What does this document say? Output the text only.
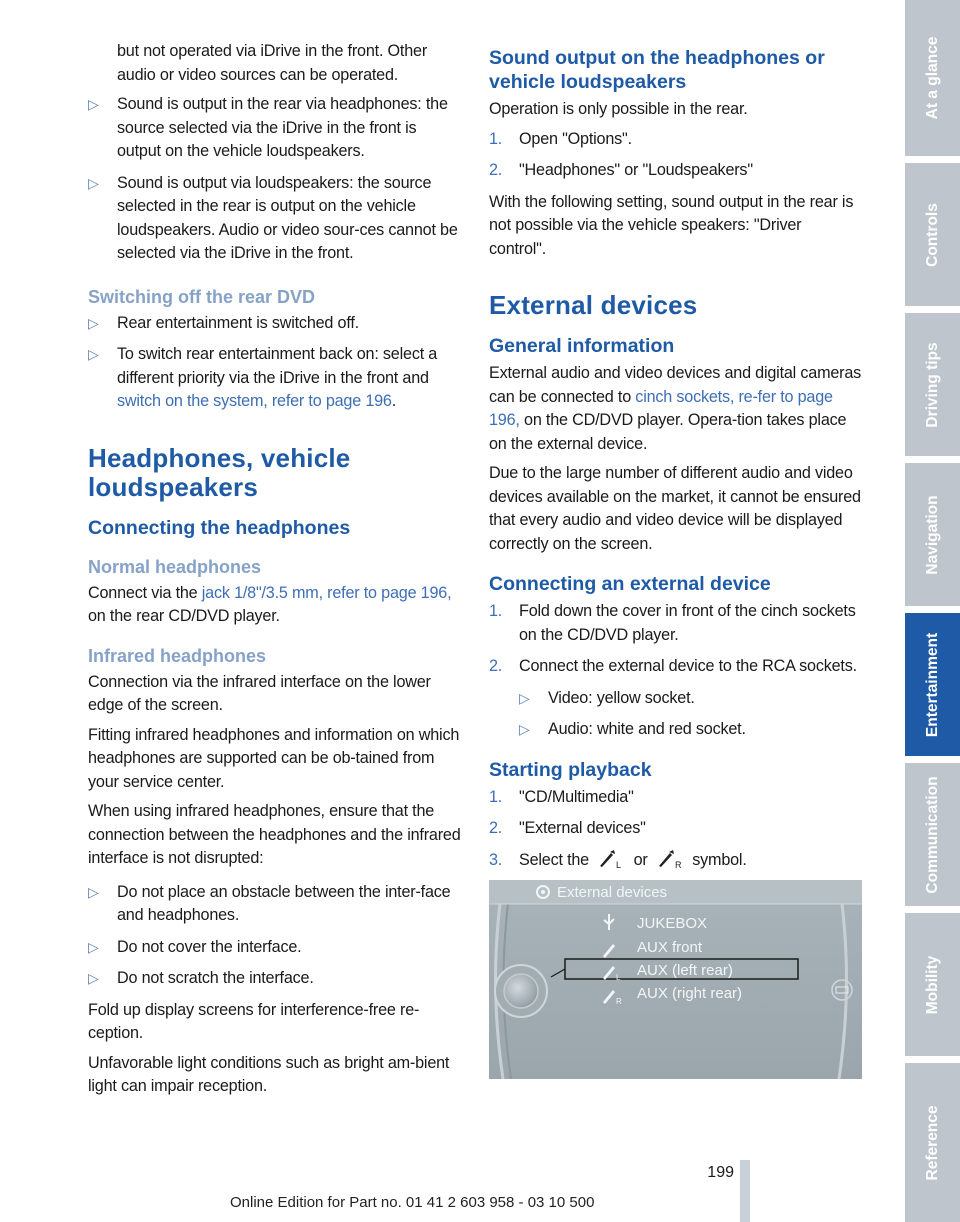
but not operated via iDrive in the front. Other audio or video sources can be operated.

▷	Sound is output in the rear via headphones: the source selected via the iDrive in the front is output on the vehicle loudspeakers.
▷	Sound is output via loudspeakers: the source selected in the rear is output on the vehicle loudspeakers. Audio or video sour-ces cannot be selected via the iDrive in the front.
Switching off the rear DVD
▷	Rear entertainment is switched off.
▷	To switch rear entertainment back on: select a different priority via the iDrive in the front and switch on the system, refer to page 196.
Headphones, vehicle loudspeakers
Connecting the headphones
Normal headphones

Connect via the jack 1/8"/3.5 mm, refer to page 196, on the rear CD/DVD player.

Infrared headphones

Connection via the infrared interface on the lower edge of the screen.

Fitting infrared headphones and information on which headphones are supported can be ob-tained from your service center.

When using infrared headphones, ensure that the connection between the headphones and the infrared interface is not disrupted:

▷	Do not place an obstacle between the inter-face and headphones.
▷	Do not cover the interface.
▷	Do not scratch the interface.

Fold up display screens for interference-free re-ception.

Unfavorable light conditions such as bright am-bient light can impair reception.

Sound output on the headphones or vehicle loudspeakers

Operation is only possible in the rear.

1.	Open "Options".
2.	"Headphones" or "Loudspeakers"

With the following setting, sound output in the rear is not possible via the vehicle speakers: "Driver control".

External devices
General information

External audio and video devices and digital cameras can be connected to cinch sockets, re-fer to page 196, on the CD/DVD player. Opera-tion takes place on the external device.

Due to the large number of different audio and video devices available on the market, it cannot be ensured that every audio and video device will be displayed correctly on the screen.

Connecting an external device
1.	Fold down the cover in front of the cinch sockets on the CD/DVD player.
2.	Connect the external device to the RCA sockets.
▷	Video: yellow socket.
▷	Audio: white and red socket.
Starting playback
1.	"CD/Multimedia"
2.	"External devices"
3.	Select the	L or	R symbol.
External devices
JUKEBOX
AUX front
L AUX (left rear)
R AUX (right rear)
At a glance
Controls
Driving tips
Navigation
Entertainment
Communication
Mobility
Reference
199
Online Edition for Part no. 01 41 2 603 958 - 03 10 500
